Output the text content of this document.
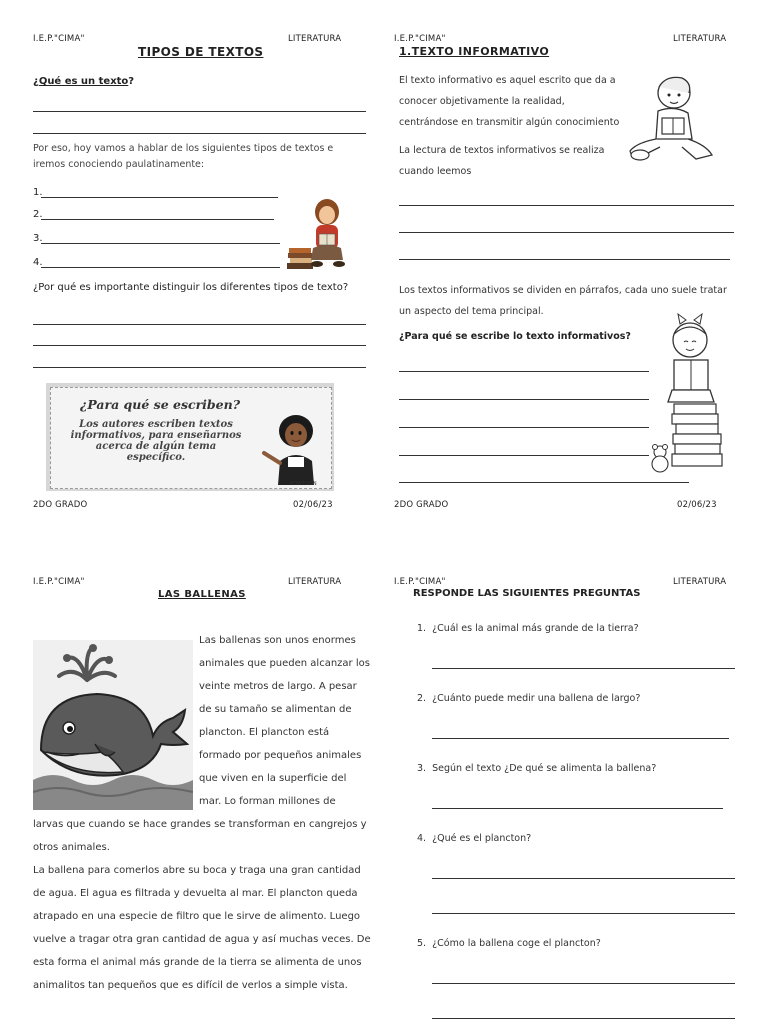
I.E.P."CIMA"	LITERATURA
TIPOS DE TEXTOS
¿Qué es un texto?
Por eso, hoy vamos a hablar de los siguientes tipos de textos e iremos conociendo paulatinamente:
1.
2.
3.
4.
¿Por qué es importante distinguir los diferentes tipos de texto?
¿Para qué se escriben?
Los autores escriben textos informativos, para enseñarnos acerca de algún tema específico.
POWTOON
2DO GRADO	02/06/23
I.E.P."CIMA"	LITERATURA
1.TEXTO INFORMATIVO
El texto informativo es aquel escrito que da a
conocer objetivamente la realidad,
centrándose en transmitir algún conocimiento
La lectura de textos informativos se realiza
cuando leemos
Los textos informativos se dividen en párrafos, cada uno suele tratar
un aspecto del tema principal.
¿Para qué se escribe lo texto informativos?
2DO GRADO	02/06/23
I.E.P."CIMA"	LITERATURA
LAS BALLENAS
Las ballenas son unos enormes
animales que pueden alcanzar los
veinte metros de largo. A pesar
de su tamaño se alimentan de
plancton. El plancton está
formado por pequeños animales
que viven en la superficie del
mar. Lo forman millones de
larvas que cuando se hace grandes se transforman en cangrejos y
otros animales.
La ballena para comerlos abre su boca y traga una gran cantidad
de agua. El agua es filtrada y devuelta al mar. El plancton queda
atrapado en una especie de filtro que le sirve de alimento. Luego
vuelve a tragar otra gran cantidad de agua y así muchas veces. De
esta forma el animal más grande de la tierra se alimenta de unos
animalitos tan pequeños que es difícil de verlos a simple vista.
I.E.P."CIMA"	LITERATURA
RESPONDE LAS SIGUIENTES PREGUNTAS
1. ¿Cuál es la animal más grande de la tierra?
2. ¿Cuánto puede medir una ballena de largo?
3. Según el texto ¿De qué se alimenta la ballena?
4. ¿Qué es el plancton?
5. ¿Cómo la ballena coge el plancton?
